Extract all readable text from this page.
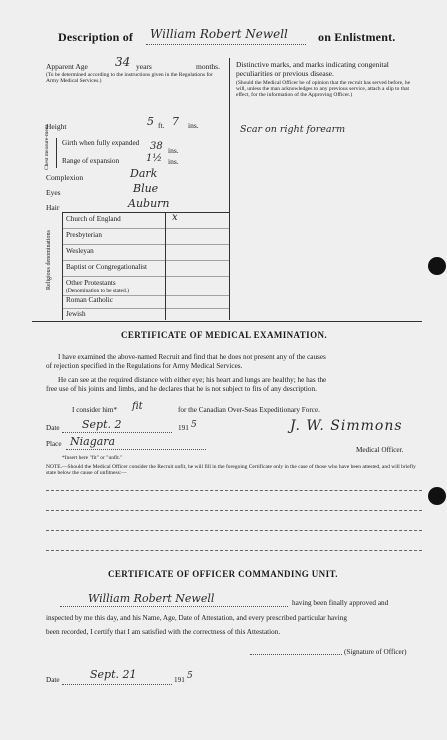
Description of William Robert Newell	on Enlistment.
Apparent Age 34 years	months.
(To be determined according to the instructions given in the Regulations for Army Medical Services.)
Height	5 ft. 7 ins.
Chest measure-ment Girth when fully expanded 38 ins.
Range of expansion	1½ ins.
Complexion	Dark
Eyes	Blue
Hair	Auburn
Religious denominations
Church of England	x
Presbyterian
Wesleyan
Baptist or Congregationalist
Other Protestants
(Denomination to be stated.)
Roman Catholic
Jewish
Distinctive marks, and marks indicating congenital peculiarities or previous disease.
(Should the Medical Officer be of opinion that the recruit has served before, he will, unless the man acknowledges to any previous service, attach a slip to that effect, for the information of the Approving Officer.)
Scar on right forearm
CERTIFICATE OF MEDICAL EXAMINATION.
I have examined the above-named Recruit and find that he does not present any of the causes
of rejection specified in the Regulations for Army Medical Services.
He can see at the required distance with either eye; his heart and lungs are healthy; he has the
free use of his joints and limbs, and he declares that he is not subject to fits of any description.
I consider him* fit	for the Canadian Over-Seas Expeditionary Force.
Date Sept. 2	191 5
Place Niagara
J. W. Simmons
Medical Officer.
*Insert here "fit" or "unfit."
NOTE.—Should the Medical Officer consider the Recruit unfit, he will fill in the foregoing Certificate only in the case of those who have been attested, and will briefly state below the cause of unfitness:—
CERTIFICATE OF OFFICER COMMANDING UNIT.
William Robert Newell	having been finally approved and
inspected by me this day, and his Name, Age, Date of Attestation, and every prescribed particular having
been recorded, I certify that I am satisfied with the correctness of this Attestation.
(Signature of Officer)
Date	Sept. 21	191 5
